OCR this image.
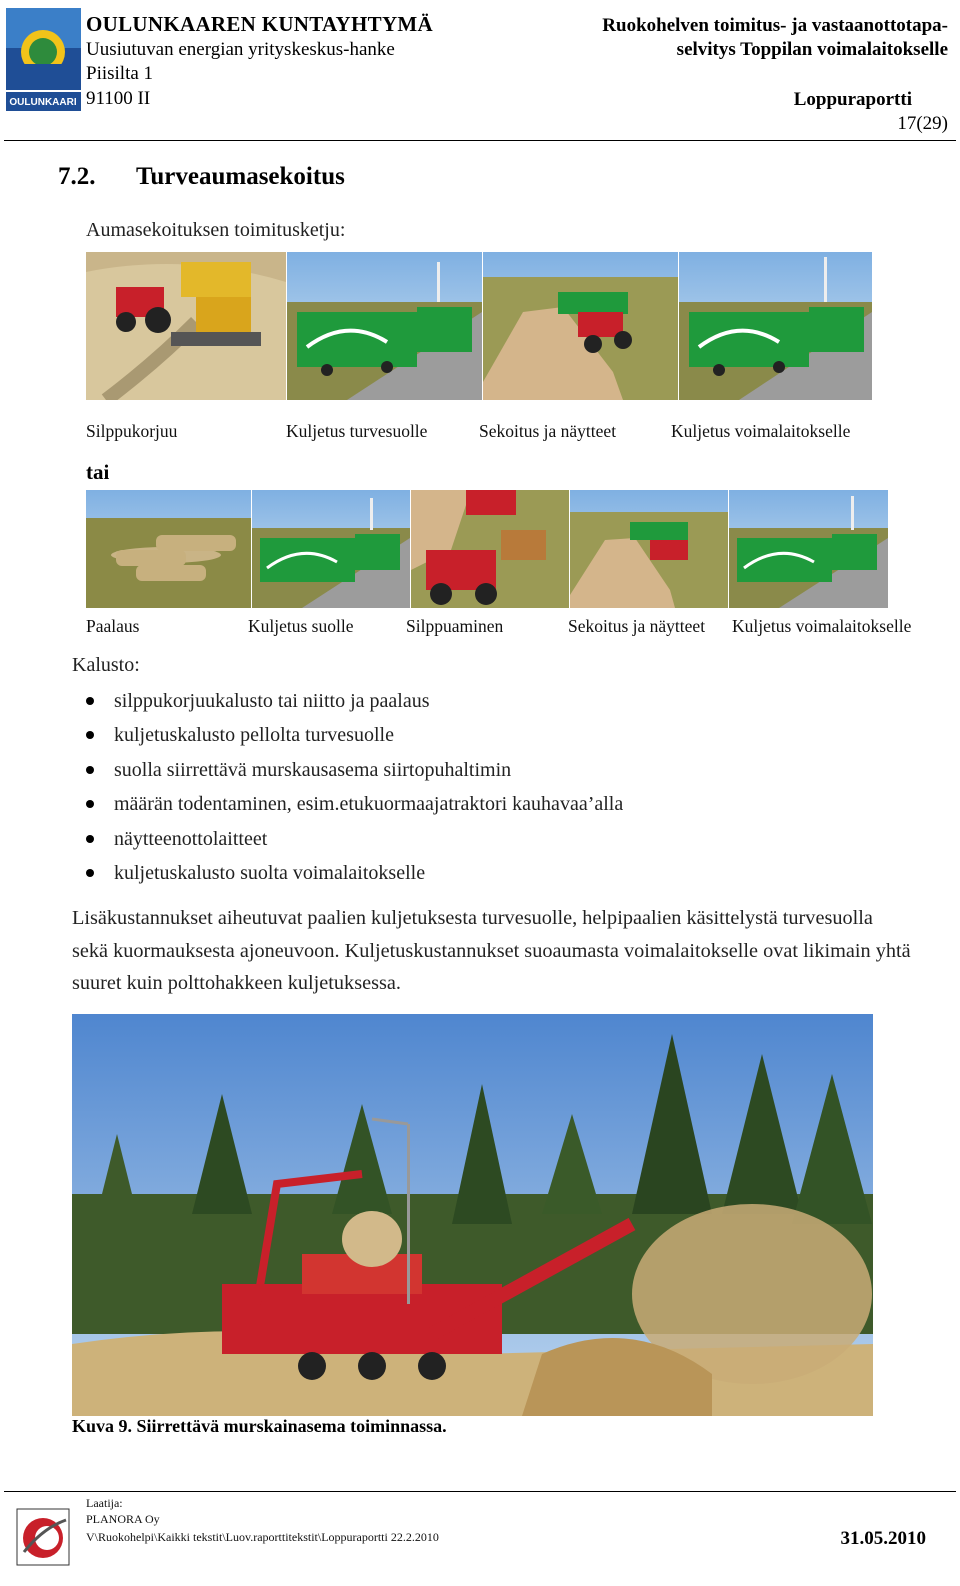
OULUNKAARI
OULUNKAAREN KUNTAYHTYMÄ
Uusiutuvan energian yrityskeskus-hanke
Piisilta 1
91100 II
Ruokohelven toimitus- ja vastaanottotapa-
selvitys Toppilan voimalaitokselle
Loppuraportti
17(29)
7.2. Turveaumasekoitus
Aumasekoituksen toimitusketju:
Silppukorjuu	Kuljetus turvesuolle	Sekoitus ja näytteet	Kuljetus voimalaitokselle
tai
Paalaus	Kuljetus suolle	Silppuaminen	Sekoitus ja näytteet Kuljetus voimalaitokselle
Kalusto:
silppukorjuukalusto tai niitto ja paalaus
kuljetuskalusto pellolta turvesuolle
suolla siirrettävä murskausasema siirtopuhaltimin
määrän todentaminen, esim.etukuormaajatraktori kauhavaa’alla
näytteenottolaitteet
kuljetuskalusto suolta voimalaitokselle
Lisäkustannukset aiheutuvat paalien kuljetuksesta turvesuolle, helpipaalien käsittelystä turvesuolla sekä kuormauksesta ajoneuvoon. Kuljetuskustannukset suoaumasta voimalaitokselle ovat likimain yhtä suuret kuin polttohakkeen kuljetuksessa.
Kuva 9. Siirrettävä murskainasema toiminnassa.
Laatija:
PLANORA Oy
V\Ruokohelpi\Kaikki tekstit\Luov.raporttitekstit\Loppuraportti 22.2.2010	31.05.2010
